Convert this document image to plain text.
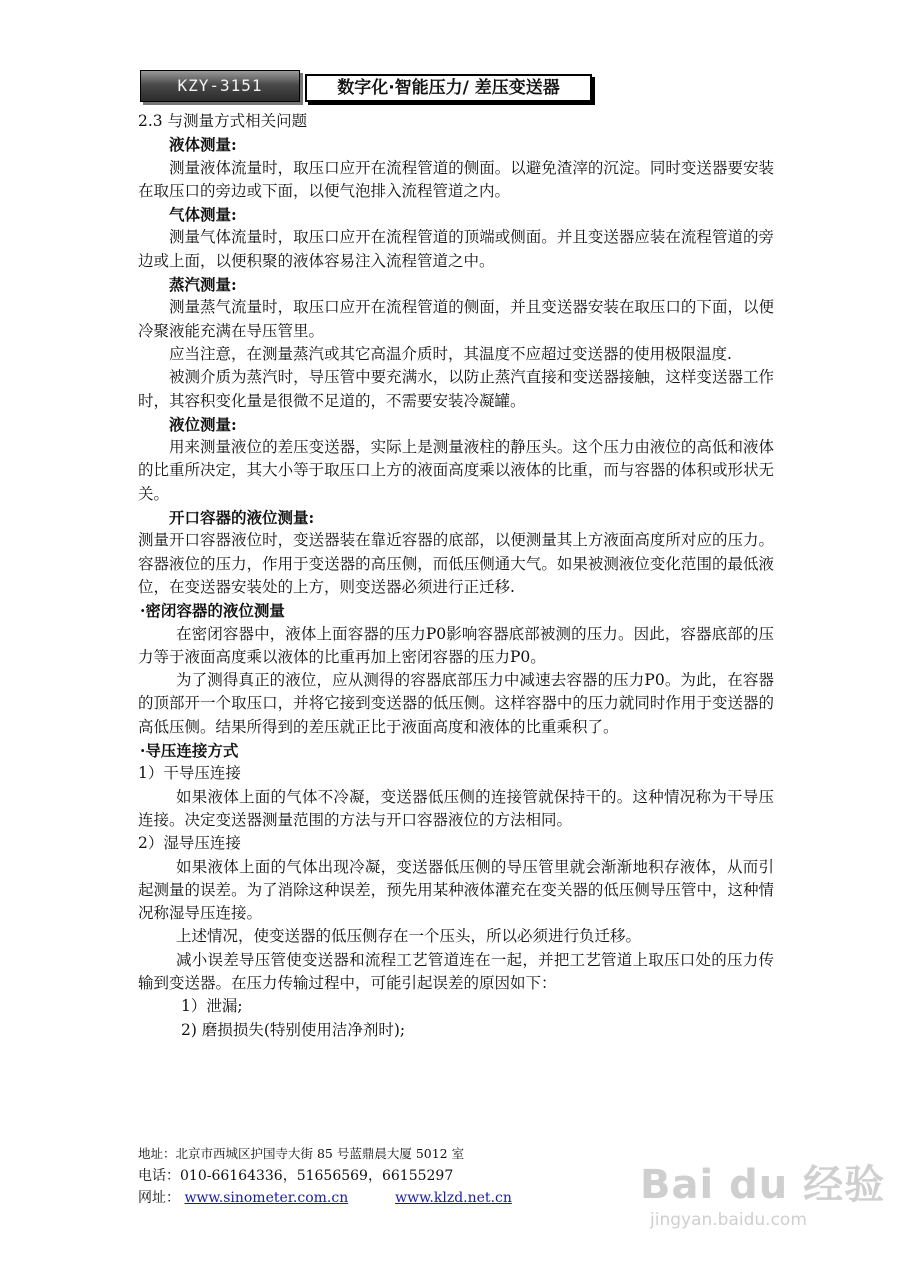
KZY-3151	数字化·智能压力/ 差压变送器

2.3 与测量方式相关问题

液体测量:

测量液体流量时，取压口应开在流程管道的侧面。以避免渣滓的沉淀。同时变送器要安装在取压口的旁边或下面，以便气泡排入流程管道之内。

气体测量:

测量气体流量时，取压口应开在流程管道的顶端或侧面。并且变送器应装在流程管道的旁边或上面，以便积聚的液体容易注入流程管道之中。

蒸汽测量:

测量蒸气流量时，取压口应开在流程管道的侧面，并且变送器安装在取压口的下面，以便冷聚液能充满在导压管里。

应当注意，在测量蒸汽或其它高温介质时，其温度不应超过变送器的使用极限温度.

被测介质为蒸汽时，导压管中要充满水，以防止蒸汽直接和变送器接触，这样变送器工作时，其容积变化量是很微不足道的，不需要安装冷凝罐。

液位测量:

用来测量液位的差压变送器，实际上是测量液柱的静压头。这个压力由液位的高低和液体的比重所决定，其大小等于取压口上方的液面高度乘以液体的比重，而与容器的体积或形状无关。

开口容器的液位测量:

测量开口容器液位时，变送器装在靠近容器的底部，以便测量其上方液面高度所对应的压力。容器液位的压力，作用于变送器的高压侧，而低压侧通大气。如果被测液位变化范围的最低液位，在变送器安装处的上方，则变送器必须进行正迁移.

·密闭容器的液位测量

在密闭容器中，液体上面容器的压力P0影响容器底部被测的压力。因此，容器底部的压力等于液面高度乘以液体的比重再加上密闭容器的压力P0。

为了测得真正的液位，应从测得的容器底部压力中减速去容器的压力P0。为此，在容器的顶部开一个取压口，并将它接到变送器的低压侧。这样容器中的压力就同时作用于变送器的高低压侧。结果所得到的差压就正比于液面高度和液体的比重乘积了。

·导压连接方式

1）干导压连接

如果液体上面的气体不冷凝，变送器低压侧的连接管就保持干的。这种情况称为干导压连接。决定变送器测量范围的方法与开口容器液位的方法相同。

2）湿导压连接

如果液体上面的气体出现冷凝，变送器低压侧的导压管里就会渐渐地积存液体，从而引起测量的误差。为了消除这种误差，预先用某种液体灌充在变关器的低压侧导压管中，这种情况称湿导压连接。

上述情况，使变送器的低压侧存在一个压头，所以必须进行负迁移。

减小误差导压管使变送器和流程工艺管道连在一起，并把工艺管道上取压口处的压力传输到变送器。在压力传输过程中，可能引起误差的原因如下：

1）泄漏;

2) 磨损损失(特别使用洁净剂时);

地址：北京市西城区护国寺大街 85 号蓝鼎晨大厦 5012 室
电话：010-66164336，51656569，66155297
网址： www.sinometer.com.cn	www.klzd.net.cn	Bai du 经验
jingyan.baidu.com
